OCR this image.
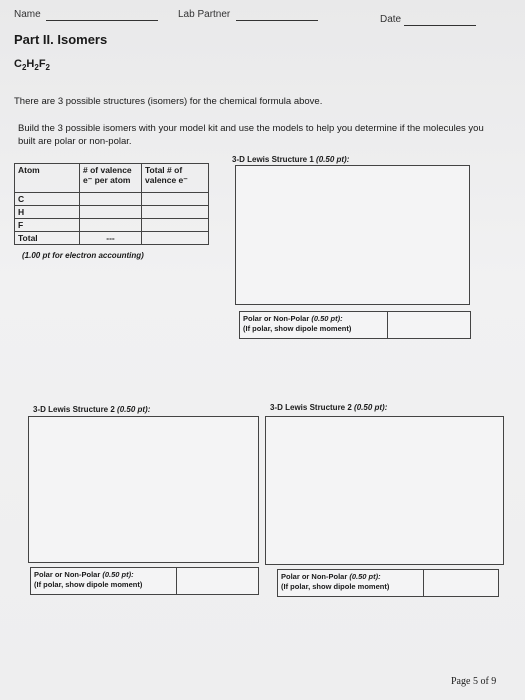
Name	Lab Partner	Date
Part II. Isomers
$C_2H_2F_2$
There are 3 possible structures (isomers) for the chemical formula above.
Build the 3 possible isomers with your model kit and use the models to help you determine if the molecules you built are polar or non-polar.
Atom	# of valence e⁻ per atom	Total # of valence e⁻
C		
H		
F		
Total	---	
(1.00 pt for electron accounting)
3-D Lewis Structure 1 (0.50 pt):
Polar or Non-Polar (0.50 pt):
(If polar, show dipole moment)
3-D Lewis Structure 2 (0.50 pt):
Polar or Non-Polar (0.50 pt):
(If polar, show dipole moment)
3-D Lewis Structure 2 (0.50 pt):
Polar or Non-Polar (0.50 pt):
(If polar, show dipole moment)
Page 5 of 9
